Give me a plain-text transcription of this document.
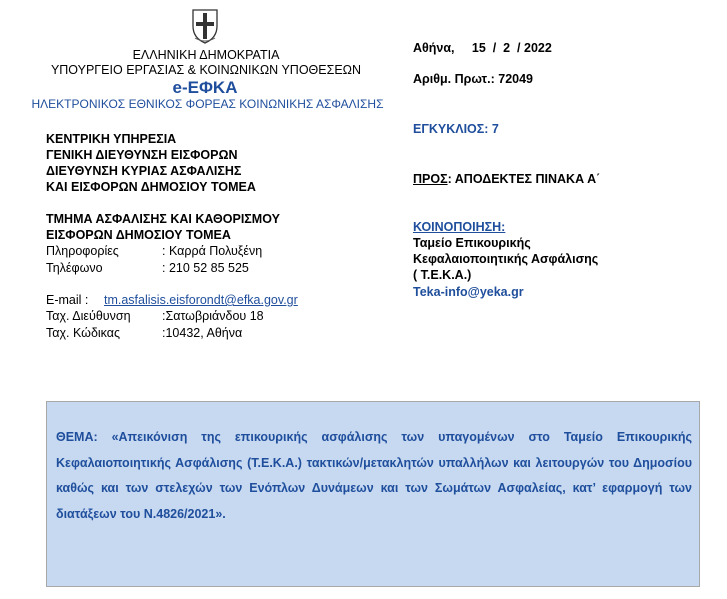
ΕΛΛΗΝΙΚΗ ΔΗΜΟΚΡΑΤΙΑ
ΥΠΟΥΡΓΕΙΟ ΕΡΓΑΣΙΑΣ & ΚΟΙΝΩΝΙΚΩΝ ΥΠΟΘΕΣΕΩΝ
e-ΕΦΚΑ
ΗΛΕΚΤΡΟΝΙΚΟΣ ΕΘΝΙΚΟΣ ΦΟΡΕΑΣ ΚΟΙΝΩΝΙΚΗΣ ΑΣΦΑΛΙΣΗΣ
ΚΕΝΤΡΙΚΗ ΥΠΗΡΕΣΙΑ
ΓΕΝΙΚΗ ΔΙΕΥΘΥΝΣΗ ΕΙΣΦΟΡΩΝ
ΔΙΕΥΘΥΝΣΗ ΚΥΡΙΑΣ ΑΣΦΑΛΙΣΗΣ
ΚΑΙ ΕΙΣΦΟΡΩΝ ΔΗΜΟΣΙΟΥ ΤΟΜΕΑ
ΤΜΗΜΑ ΑΣΦΑΛΙΣΗΣ ΚΑΙ ΚΑΘΟΡΙΣΜΟΥ
ΕΙΣΦΟΡΩΝ ΔΗΜΟΣΙΟΥ ΤΟΜΕΑ
Πληροφορίες	: Καρρά Πολυξένη
Τηλέφωνο	: 210 52 85 525
E-mail : tm.asfalisis.eisforondt@efka.gov.gr
Ταχ. Διεύθυνση	:Σατωβριάνδου 18
Ταχ. Κώδικας	:10432, Αθήνα
Αθήνα,     15  /  2  / 2022
Αριθμ. Πρωτ.: 72049
ΕΓΚΥΚΛΙΟΣ: 7
ΠΡΟΣ: ΑΠΟΔΕΚΤΕΣ ΠΙΝΑΚΑ Α΄
ΚΟΙΝΟΠΟΙΗΣΗ:
Ταμείο Επικουρικής
Κεφαλαιοποιητικής Ασφάλισης
( Τ.Ε.Κ.Α.)
Teka-info@yeka.gr
ΘΕΜΑ: «Απεικόνιση της επικουρικής ασφάλισης των υπαγομένων στο Ταμείο Επικουρικής Κεφαλαιοποιητικής Ασφάλισης (Τ.Ε.Κ.Α.) τακτικών/μετακλητών υπαλλήλων και λειτουργών του Δημοσίου καθώς και των στελεχών των Ενόπλων Δυνάμεων και των Σωμάτων Ασφαλείας, κατ’ εφαρμογή των διατάξεων του Ν.4826/2021».
